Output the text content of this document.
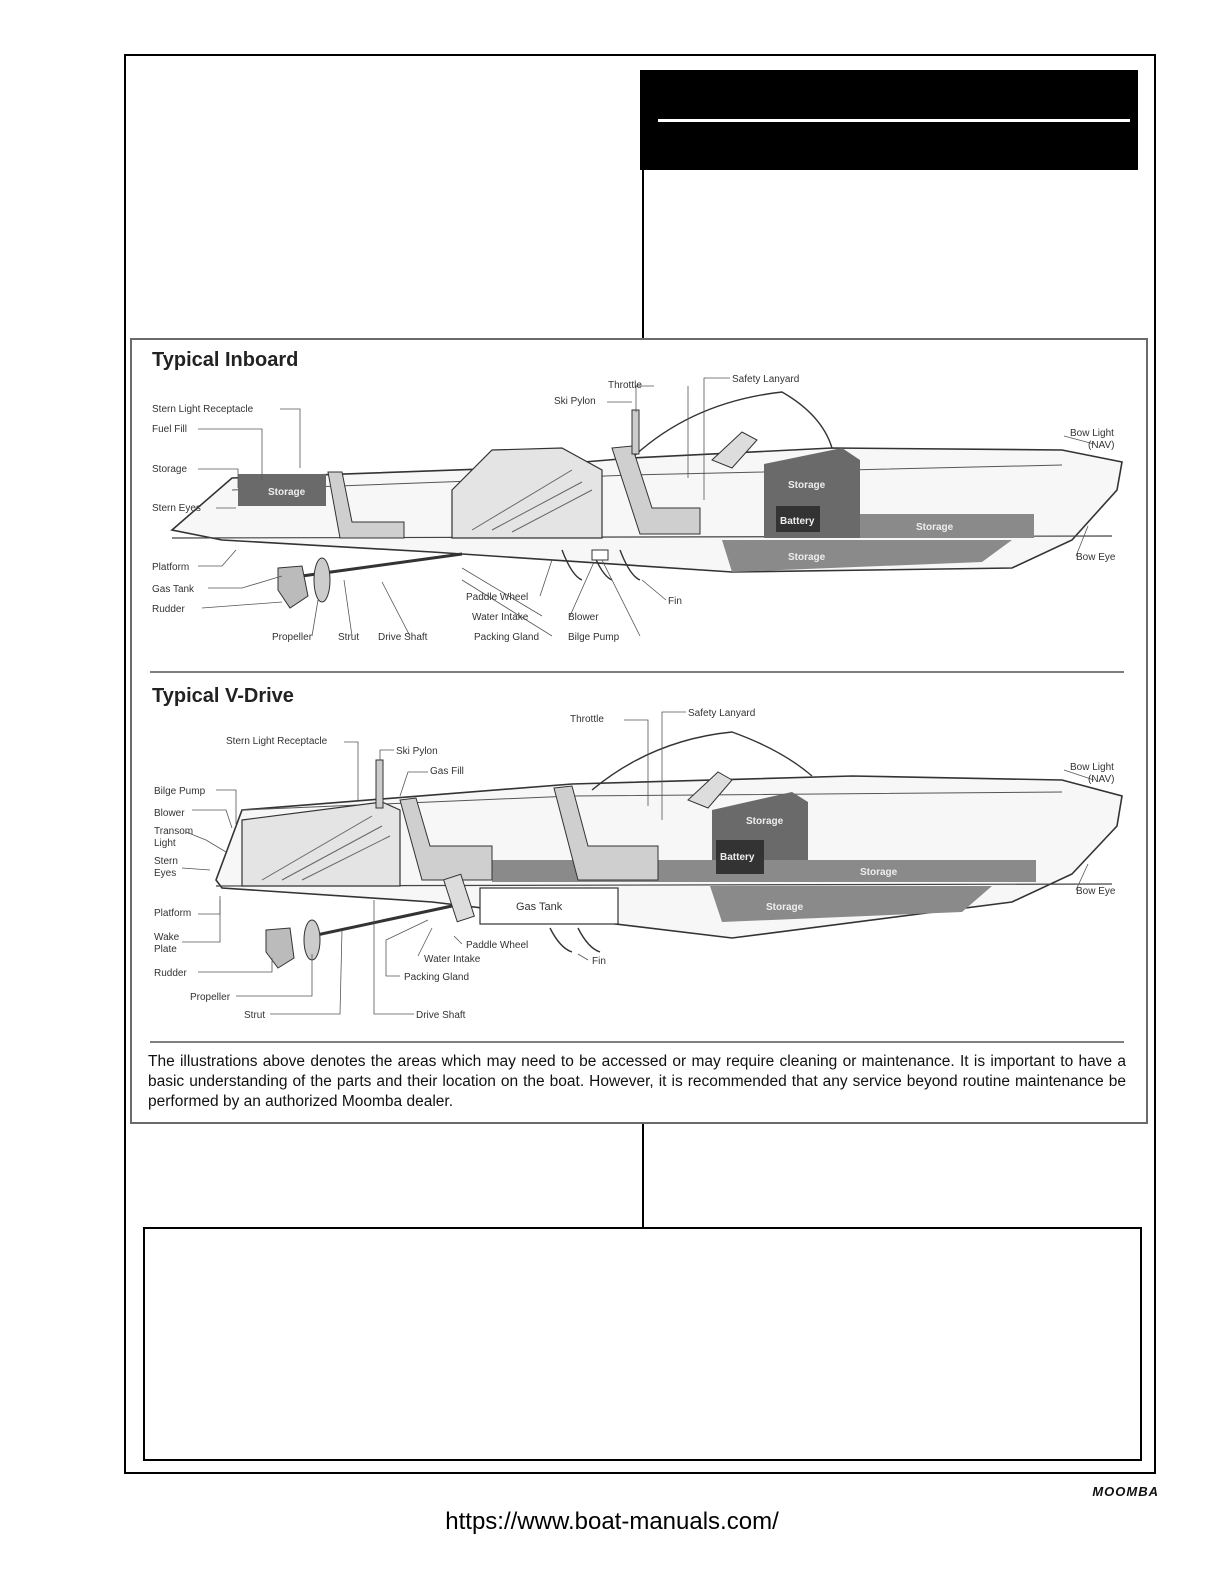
Typical Inboard
Stern Light Receptacle
Fuel Fill
Storage
Stern Eyes
Platform
Gas Tank
Rudder
Propeller	Strut Drive Shaft
Paddle Wheel
Water Intake
Packing Gland
Blower
Bilge Pump
Fin
Throttle
Ski Pylon
Safety Lanyard
Bow Light
(NAV)
Bow Eye
Storage
Storage
Battery
Storage
Storage
Typical V-Drive
Stern Light Receptacle
Ski Pylon
Gas Fill
Bilge Pump
Blower
Transom
Light
Stern
Eyes
Platform
Wake
Plate
Rudder
Propeller
Strut	Drive Shaft
Packing Gland
Water Intake
Paddle Wheel
Fin
Gas Tank
Throttle
Safety Lanyard
Bow Light
(NAV)
Bow Eye
Storage
Battery
Storage
Storage
The illustrations above denotes the areas which may need to be accessed or may require cleaning or maintenance. It is important to have a basic understanding of the parts and their location on the boat. However, it is recommended that any service beyond routine maintenance be performed by an authorized Moomba dealer.
MOOMBA
https://www.boat-manuals.com/
